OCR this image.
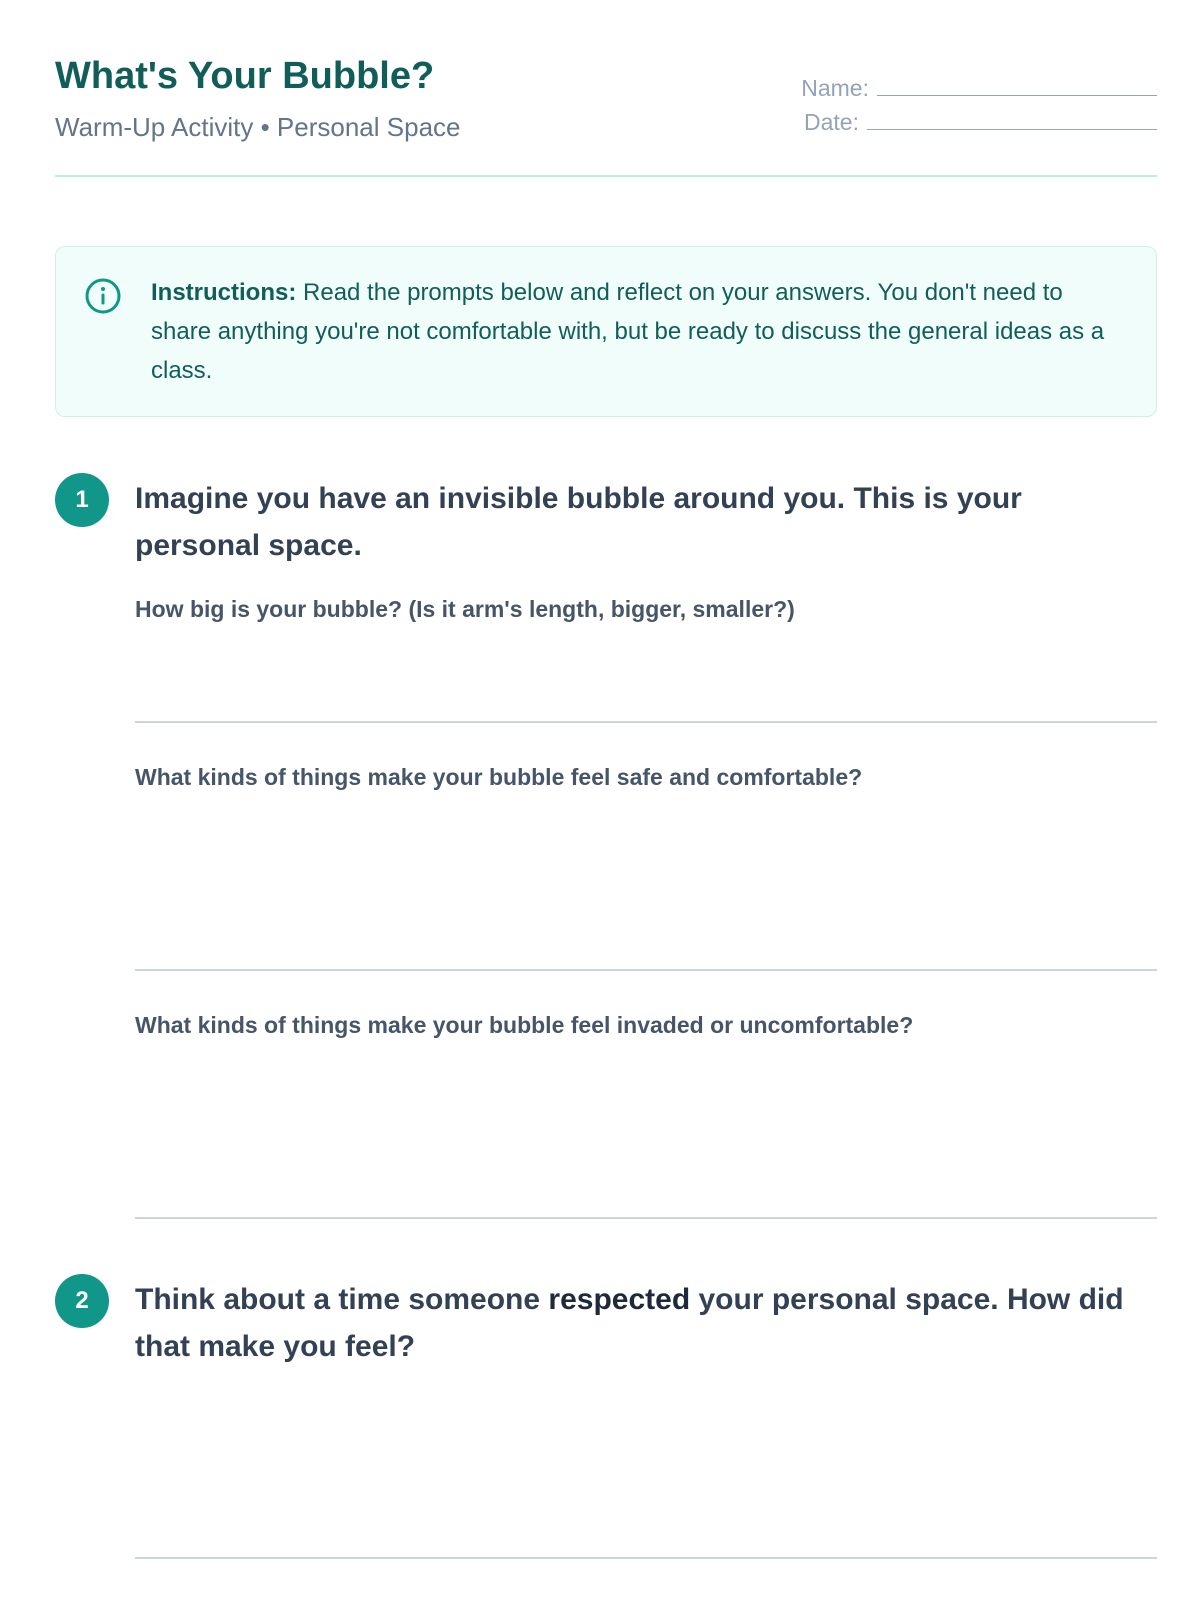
What's Your Bubble?
Warm-Up Activity • Personal Space
Name:
Date:
Instructions: Read the prompts below and reflect on your answers. You don't need to share anything you're not comfortable with, but be ready to discuss the general ideas as a class.
1	Imagine you have an invisible bubble around you. This is your personal space.
How big is your bubble? (Is it arm's length, bigger, smaller?)
What kinds of things make your bubble feel safe and comfortable?
What kinds of things make your bubble feel invaded or uncomfortable?
2	Think about a time someone respected your personal space. How did that make you feel?
